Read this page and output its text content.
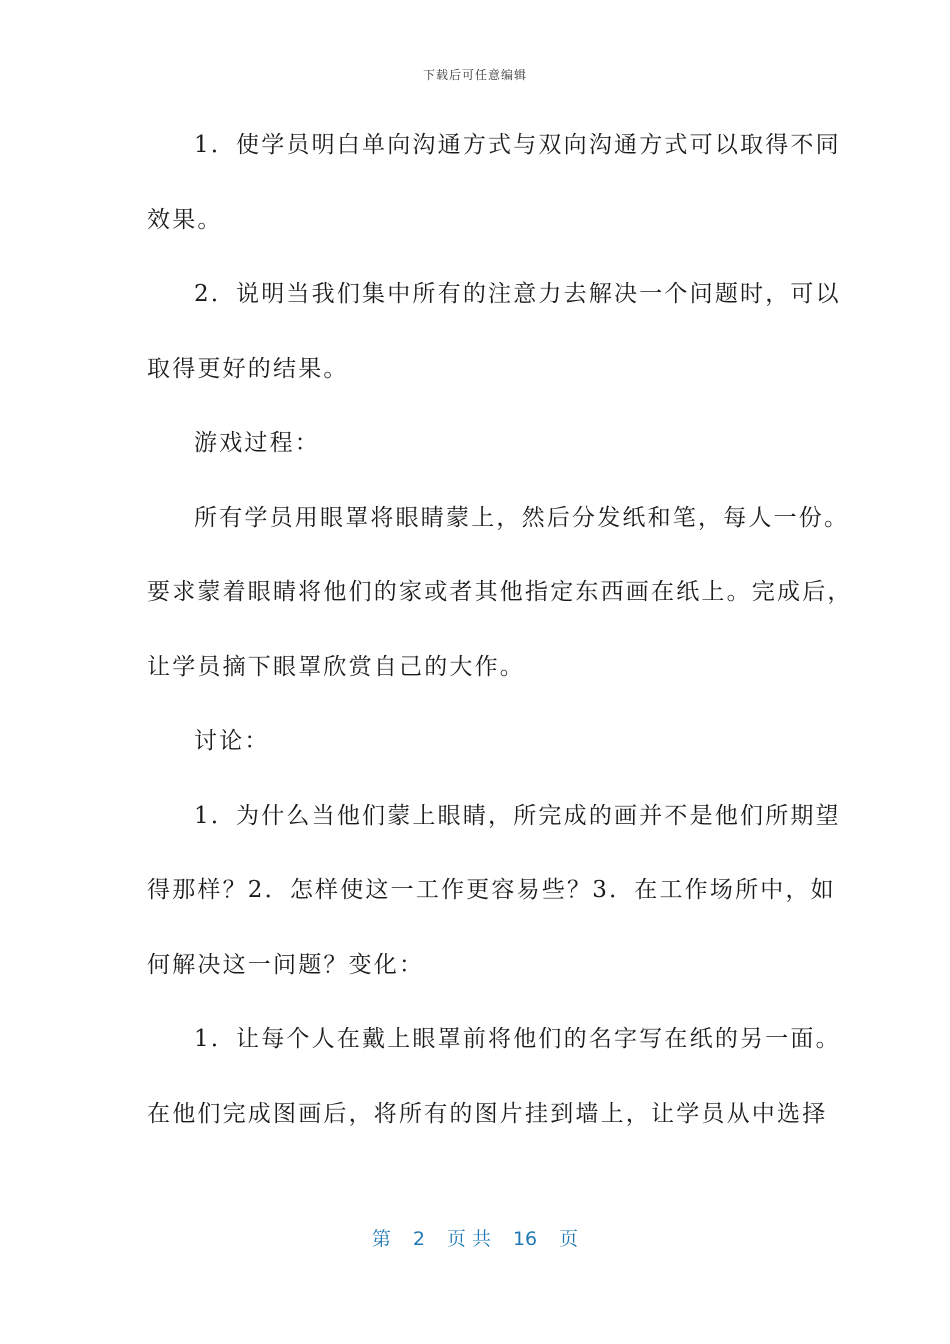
下载后可任意编辑
1．使学员明白单向沟通方式与双向沟通方式可以取得不同
效果。
2．说明当我们集中所有的注意力去解决一个问题时，可以
取得更好的结果。
游戏过程：
所有学员用眼罩将眼睛蒙上，然后分发纸和笔，每人一份。
要求蒙着眼睛将他们的家或者其他指定东西画在纸上。完成后，
让学员摘下眼罩欣赏自己的大作。
讨论：
1．为什么当他们蒙上眼睛，所完成的画并不是他们所期望
得那样？2．怎样使这一工作更容易些？3．在工作场所中，如
何解决这一问题？变化：
1．让每个人在戴上眼罩前将他们的名字写在纸的另一面。
在他们完成图画后，将所有的图片挂到墙上，让学员从中选择
第 2 页 共 16 页
